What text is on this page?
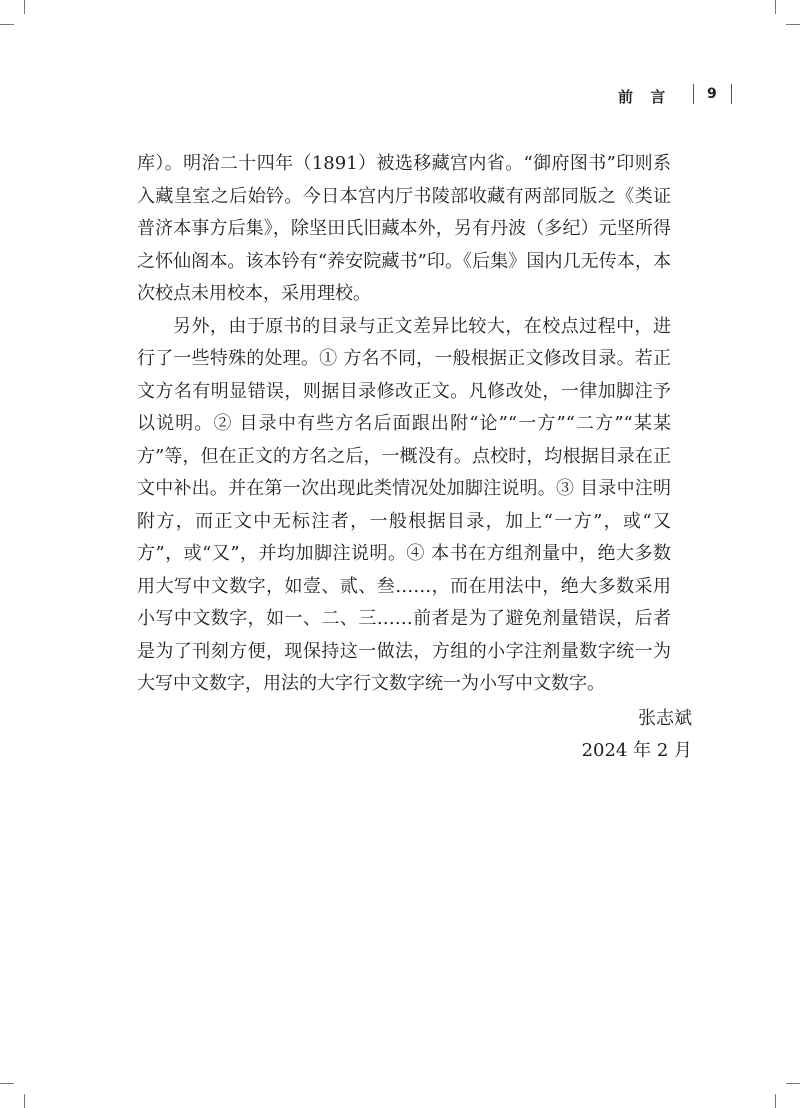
前 言	9

库）。明治二十四年（1891）被选移藏宫内省。“御府图书”印则系入藏皇室之后始钤。今日本宫内厅书陵部收藏有两部同版之《类证普济本事方后集》，除坚田氏旧藏本外，另有丹波（多纪）元坚所得之怀仙阁本。该本钤有“养安院藏书”印。《后集》国内几无传本，本次校点未用校本，采用理校。

另外，由于原书的目录与正文差异比较大，在校点过程中，进行了一些特殊的处理。① 方名不同，一般根据正文修改目录。若正文方名有明显错误，则据目录修改正文。凡修改处，一律加脚注予以说明。② 目录中有些方名后面跟出附“论”“一方”“二方”“某某方”等，但在正文的方名之后，一概没有。点校时，均根据目录在正文中补出。并在第一次出现此类情况处加脚注说明。③ 目录中注明附方，而正文中无标注者，一般根据目录，加上“一方”，或“又方”，或“又”，并均加脚注说明。④ 本书在方组剂量中，绝大多数用大写中文数字，如壹、贰、叁……，而在用法中，绝大多数采用小写中文数字，如一、二、三……前者是为了避免剂量错误，后者是为了刊刻方便，现保持这一做法，方组的小字注剂量数字统一为大写中文数字，用法的大字行文数字统一为小写中文数字。

张志斌
2024 年 2 月
